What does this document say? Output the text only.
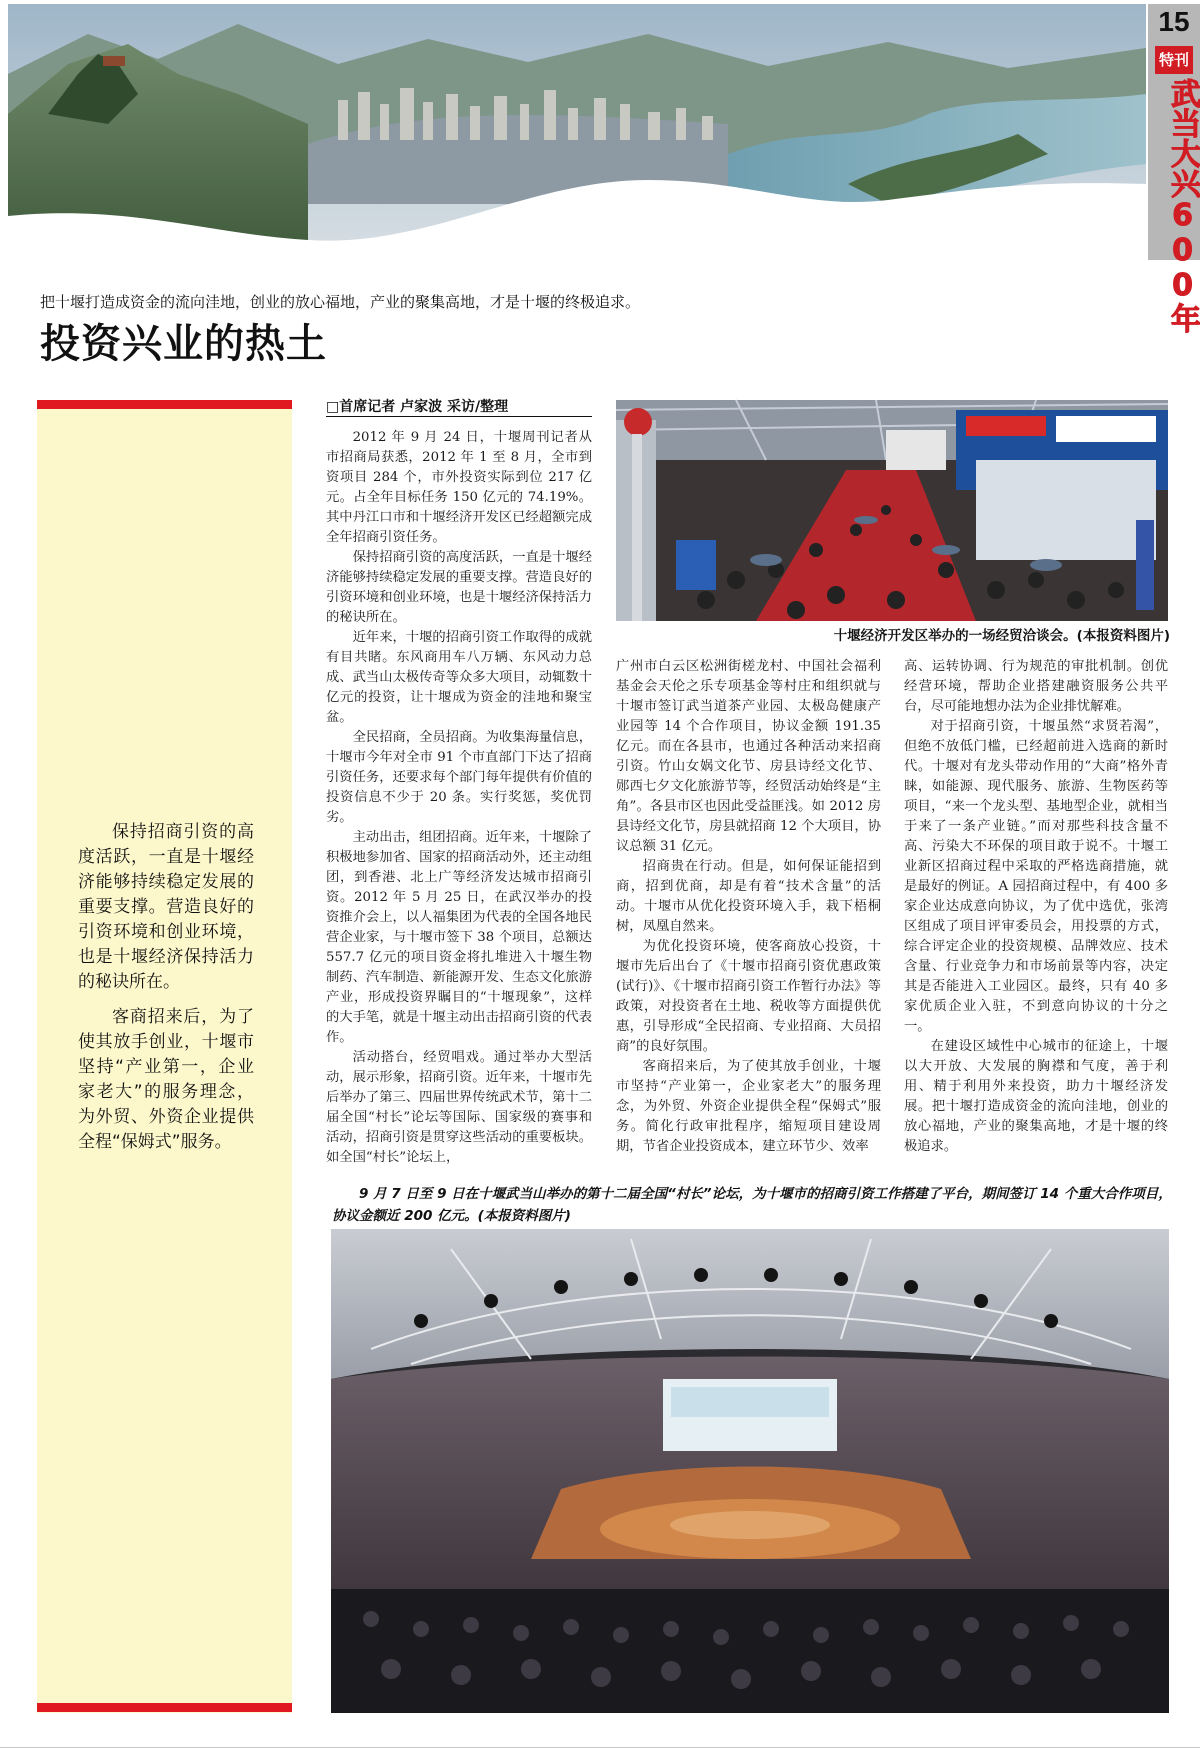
15
特刊
武当大兴600年
把十堰打造成资金的流向洼地，创业的放心福地，产业的聚集高地，才是十堰的终极追求。
投资兴业的热土

保持招商引资的高度活跃，一直是十堰经济能够持续稳定发展的重要支撑。营造良好的引资环境和创业环境，也是十堰经济保持活力的秘诀所在。

客商招来后，为了使其放手创业，十堰市坚持“产业第一，企业家老大”的服务理念，为外贸、外资企业提供全程“保姆式”服务。

□首席记者 卢家波 采访/整理

2012 年 9 月 24 日，十堰周刊记者从市招商局获悉，2012 年 1 至 8 月，全市到资项目 284 个，市外投资实际到位 217 亿元。占全年目标任务 150 亿元的 74.19%。其中丹江口市和十堰经济开发区已经超额完成全年招商引资任务。

保持招商引资的高度活跃，一直是十堰经济能够持续稳定发展的重要支撑。营造良好的引资环境和创业环境，也是十堰经济保持活力的秘诀所在。

近年来，十堰的招商引资工作取得的成就有目共睹。东风商用车八万辆、东风动力总成、武当山太极传奇等众多大项目，动辄数十亿元的投资，让十堰成为资金的洼地和聚宝盆。

全民招商，全员招商。为收集海量信息，十堰市今年对全市 91 个市直部门下达了招商引资任务，还要求每个部门每年提供有价值的投资信息不少于 20 条。实行奖惩，奖优罚劣。

主动出击，组团招商。近年来，十堰除了积极地参加省、国家的招商活动外，还主动组团，到香港、北上广等经济发达城市招商引资。2012 年 5 月 25 日，在武汉举办的投资推介会上，以人福集团为代表的全国各地民营企业家，与十堰市签下 38 个项目，总额达 557.7 亿元的项目资金将扎堆进入十堰生物制药、汽车制造、新能源开发、生态文化旅游产业，形成投资界瞩目的“十堰现象”，这样的大手笔，就是十堰主动出击招商引资的代表作。

活动搭台，经贸唱戏。通过举办大型活动，展示形象，招商引资。近年来，十堰市先后举办了第三、四届世界传统武术节，第十二届全国“村长”论坛等国际、国家级的赛事和活动，招商引资是贯穿这些活动的重要板块。如全国“村长”论坛上，

十堰经济开发区举办的一场经贸洽谈会。(本报资料图片)

广州市白云区松洲街槎龙村、中国社会福利基金会天伦之乐专项基金等村庄和组织就与十堰市签订武当道茶产业园、太极岛健康产业园等 14 个合作项目，协议金额 191.35 亿元。而在各县市，也通过各种活动来招商引资。竹山女娲文化节、房县诗经文化节、郧西七夕文化旅游节等，经贸活动始终是“主角”。各县市区也因此受益匪浅。如 2012 房县诗经文化节，房县就招商 12 个大项目，协议总额 31 亿元。

招商贵在行动。但是，如何保证能招到商，招到优商，却是有着“技术含量”的活动。十堰市从优化投资环境入手，栽下梧桐树，凤凰自然来。

为优化投资环境，使客商放心投资，十堰市先后出台了《十堰市招商引资优惠政策(试行)》、《十堰市招商引资工作暂行办法》等政策，对投资者在土地、税收等方面提供优惠，引导形成“全民招商、专业招商、大员招商”的良好氛围。

客商招来后，为了使其放手创业，十堰市坚持“产业第一，企业家老大”的服务理念，为外贸、外资企业提供全程“保姆式”服务。简化行政审批程序，缩短项目建设周期，节省企业投资成本，建立环节少、效率

高、运转协调、行为规范的审批机制。创优经营环境，帮助企业搭建融资服务公共平台，尽可能地想办法为企业排忧解难。

对于招商引资，十堰虽然“求贤若渴”，但绝不放低门槛，已经超前进入选商的新时代。十堰对有龙头带动作用的“大商”格外青睐，如能源、现代服务、旅游、生物医药等项目，“来一个龙头型、基地型企业，就相当于来了一条产业链。”而对那些科技含量不高、污染大不环保的项目敢于说不。十堰工业新区招商过程中采取的严格选商措施，就是最好的例证。A 园招商过程中，有 400 多家企业达成意向协议，为了优中选优，张湾区组成了项目评审委员会，用投票的方式，综合评定企业的投资规模、品牌效应、技术含量、行业竞争力和市场前景等内容，决定其是否能进入工业园区。最终，只有 40 多家优质企业入驻，不到意向协议的十分之一。

在建设区域性中心城市的征途上，十堰以大开放、大发展的胸襟和气度，善于利用、精于利用外来投资，助力十堰经济发展。把十堰打造成资金的流向洼地，创业的放心福地，产业的聚集高地，才是十堰的终极追求。

9 月 7 日至 9 日在十堰武当山举办的第十二届全国“村长”论坛，为十堰市的招商引资工作搭建了平台，期间签订 14 个重大合作项目，协议金额近 200 亿元。(本报资料图片)
